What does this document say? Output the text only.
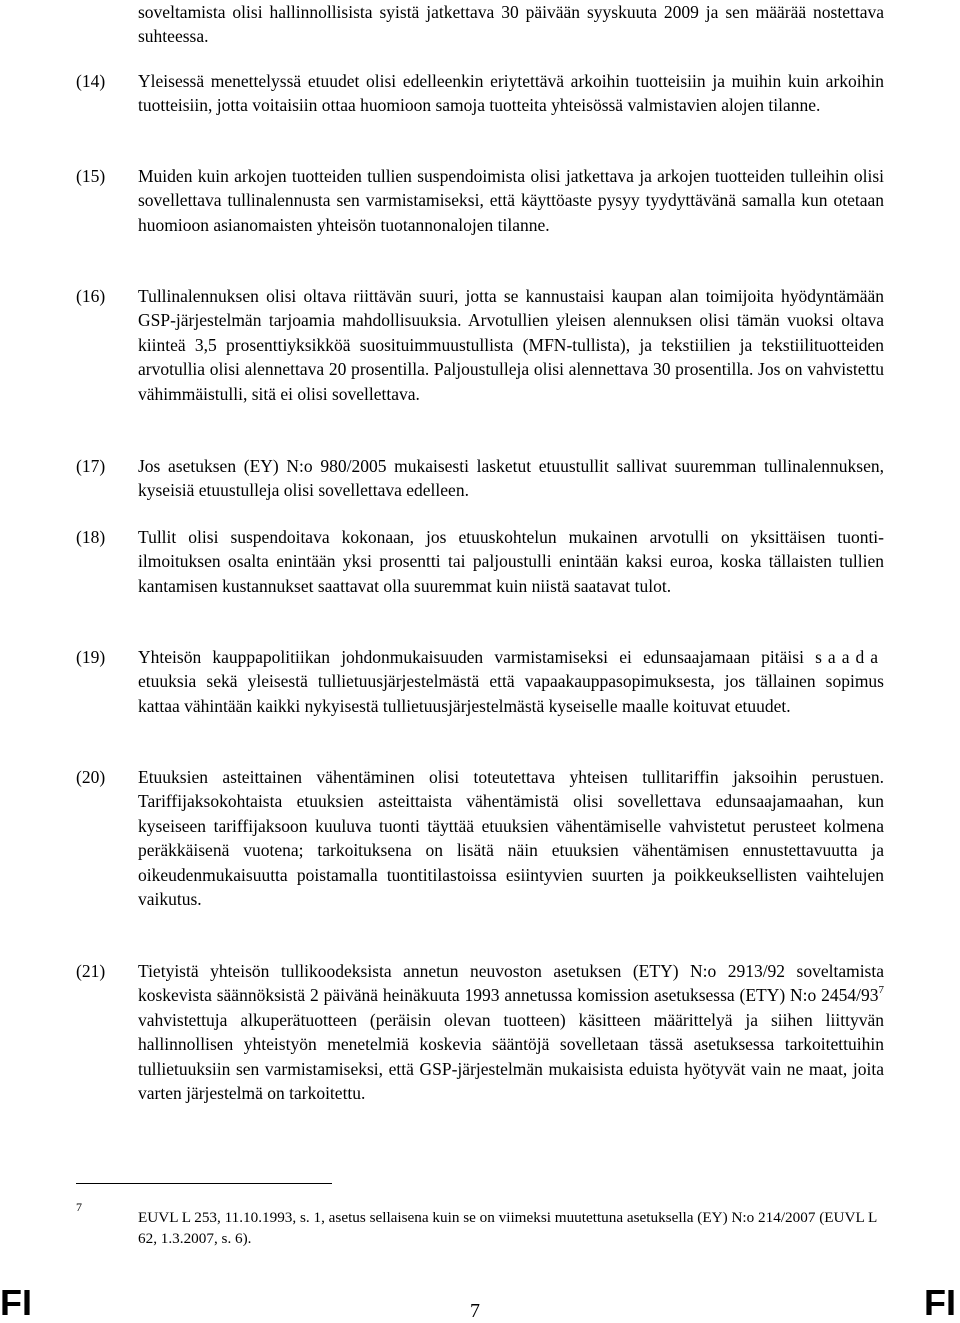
soveltamista olisi hallinnollisista syistä jatkettava 30 päivään syyskuuta 2009 ja sen määrää nostettava suhteessa.
(14) Yleisessä menettelyssä etuudet olisi edelleenkin eriytettävä arkoihin tuotteisiin ja muihin kuin arkoihin tuotteisiin, jotta voitaisiin ottaa huomioon samoja tuotteita yhteisössä valmistavien alojen tilanne.
(15) Muiden kuin arkojen tuotteiden tullien suspendoimista olisi jatkettava ja arkojen tuotteiden tulleihin olisi sovellettava tullinalennusta sen varmistamiseksi, että käyttöaste pysyy tyydyttävänä samalla kun otetaan huomioon asianomaisten yhteisön tuotannonalojen tilanne.
(16) Tullinalennuksen olisi oltava riittävän suuri, jotta se kannustaisi kaupan alan toimijoita hyödyntämään GSP-järjestelmän tarjoamia mahdollisuuksia. Arvotullien yleisen alennuksen olisi tämän vuoksi oltava kiinteä 3,5 prosenttiyksikköä suosituimmuustullista (MFN-tullista), ja tekstiilien ja tekstiilituotteiden arvotullia olisi alennettava 20 prosentilla. Paljoustulleja olisi alennettava 30 prosentilla. Jos on vahvistettu vähimmäistulli, sitä ei olisi sovellettava.
(17) Jos asetuksen (EY) N:o 980/2005 mukaisesti lasketut etuustullit sallivat suuremman tullinalennuksen, kyseisiä etuustulleja olisi sovellettava edelleen.
(18) Tullit olisi suspendoitava kokonaan, jos etuuskohtelun mukainen arvotulli on yksittäisen tuonti-ilmoituksen osalta enintään yksi prosentti tai paljoustulli enintään kaksi euroa, koska tällaisten tullien kantamisen kustannukset saattavat olla suuremmat kuin niistä saatavat tulot.
(19) Yhteisön kauppapolitiikan johdonmukaisuuden varmistamiseksi ei edunsaajamaan pitäisi saada etuuksia sekä yleisestä tullietuusjärjestelmästä että vapaakauppasopimuksesta, jos tällainen sopimus kattaa vähintään kaikki nykyisestä tullietuusjärjestelmästä kyseiselle maalle koituvat etuudet.
(20) Etuuksien asteittainen vähentäminen olisi toteutettava yhteisen tullitariffin jaksoihin perustuen. Tariffijaksokohtaista etuuksien asteittaista vähentämistä olisi sovellettava edunsaajamaahan, kun kyseiseen tariffijaksoon kuuluva tuonti täyttää etuuksien vähentämiselle vahvistetut perusteet kolmena peräkkäisenä vuotena; tarkoituksena on lisätä näin etuuksien vähentämisen ennustettavuutta ja oikeudenmukaisuutta poistamalla tuontitilastoissa esiintyvien suurten ja poikkeuksellisten vaihtelujen vaikutus.
(21) Tietyistä yhteisön tullikoodeksista annetun neuvoston asetuksen (ETY) N:o 2913/92 soveltamista koskevista säännöksistä 2 päivänä heinäkuuta 1993 annetussa komission asetuksessa (ETY) N:o $2454/93^7$ vahvistettuja alkuperätuotteen (peräisin olevan tuotteen) käsitteen määrittelyä ja siihen liittyvän hallinnollisen yhteistyön menetelmiä koskevia sääntöjä sovelletaan tässä asetuksessa tarkoitettuihin tullietuuksiin sen varmistamiseksi, että GSP-järjestelmän mukaisista eduista hyötyvät vain ne maat, joita varten järjestelmä on tarkoitettu.
7
EUVL L 253, 11.10.1993, s. 1, asetus sellaisena kuin se on viimeksi muutettuna asetuksella (EY) N:o 214/2007 (EUVL L 62, 1.3.2007, s. 6).
FI	7	FI
